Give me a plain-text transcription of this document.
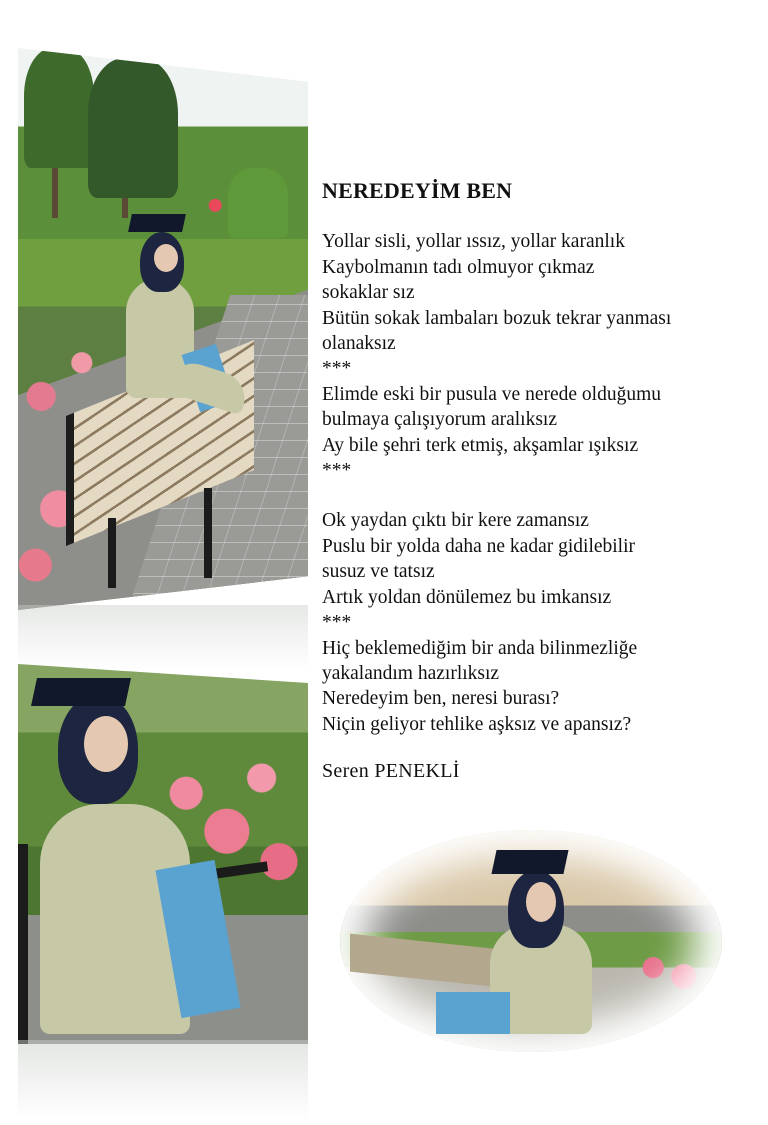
NEREDEYİM BEN
Yollar sisli, yollar ıssız, yollar karanlık
Kaybolmanın tadı olmuyor çıkmaz
sokaklar sız
Bütün sokak lambaları bozuk tekrar yanması
olanaksız
***
Elimde eski bir pusula ve nerede olduğumu
bulmaya çalışıyorum aralıksız
Ay bile şehri terk etmiş, akşamlar ışıksız
***
Ok yaydan çıktı bir kere zamansız
Puslu bir yolda daha ne kadar gidilebilir
susuz ve tatsız
Artık yoldan dönülemez bu imkansız
***
Hiç beklemediğim bir anda bilinmezliğe
yakalandım hazırlıksız
Neredeyim ben, neresi burası?
Niçin geliyor tehlike aşksız ve apansız?
Seren PENEKLİ
